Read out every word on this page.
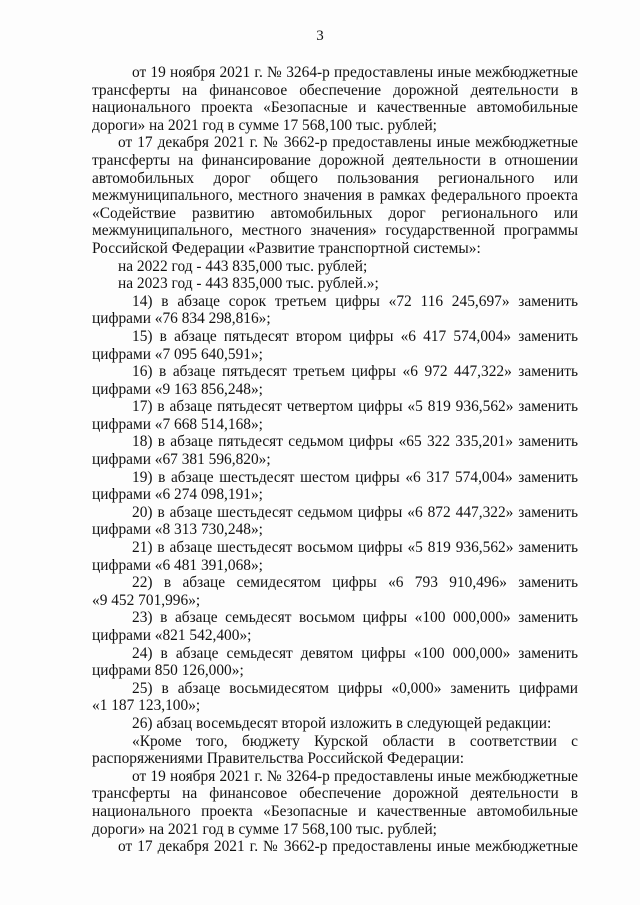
3
от 19 ноября 2021 г. № 3264-р предоставлены иные межбюджетные
трансферты на финансовое обеспечение дорожной деятельности в
национального проекта «Безопасные и качественные автомобильные
дороги» на 2021 год в сумме 17 568,100 тыс. рублей;
от 17 декабря 2021 г. № 3662-р предоставлены иные межбюджетные
трансферты на финансирование дорожной деятельности в отношении
автомобильных дорог общего пользования регионального или
межмуниципального, местного значения в рамках федерального проекта
«Содействие развитию автомобильных дорог регионального или
межмуниципального, местного значения» государственной программы
Российской Федерации «Развитие транспортной системы»:
на 2022 год - 443 835,000 тыс. рублей;
на 2023 год - 443 835,000 тыс. рублей.»;
14) в абзаце сорок третьем цифры «72 116 245,697» заменить
цифрами «76 834 298,816»;
15) в абзаце пятьдесят втором цифры «6 417 574,004» заменить
цифрами «7 095 640,591»;
16) в абзаце пятьдесят третьем цифры «6 972 447,322» заменить
цифрами «9 163 856,248»;
17) в абзаце пятьдесят четвертом цифры «5 819 936,562» заменить
цифрами «7 668 514,168»;
18) в абзаце пятьдесят седьмом цифры «65 322 335,201» заменить
цифрами «67 381 596,820»;
19) в абзаце шестьдесят шестом цифры «6 317 574,004» заменить
цифрами «6 274 098,191»;
20) в абзаце шестьдесят седьмом цифры «6 872 447,322» заменить
цифрами «8 313 730,248»;
21) в абзаце шестьдесят восьмом цифры «5 819 936,562» заменить
цифрами «6 481 391,068»;
22) в абзаце семидесятом цифры «6 793 910,496» заменить
«9 452 701,996»;
23) в абзаце семьдесят восьмом цифры «100 000,000» заменить
цифрами «821 542,400»;
24) в абзаце семьдесят девятом цифры «100 000,000» заменить
цифрами 850 126,000»;
25) в абзаце восьмидесятом цифры «0,000» заменить цифрами
«1 187 123,100»;
26) абзац восемьдесят второй изложить в следующей редакции:
«Кроме того, бюджету Курской области в соответствии с
распоряжениями Правительства Российской Федерации:
от 19 ноября 2021 г. № 3264-р предоставлены иные межбюджетные
трансферты на финансовое обеспечение дорожной деятельности в
национального проекта «Безопасные и качественные автомобильные
дороги» на 2021 год в сумме 17 568,100 тыс. рублей;
от 17 декабря 2021 г. № 3662-р предоставлены иные межбюджетные
